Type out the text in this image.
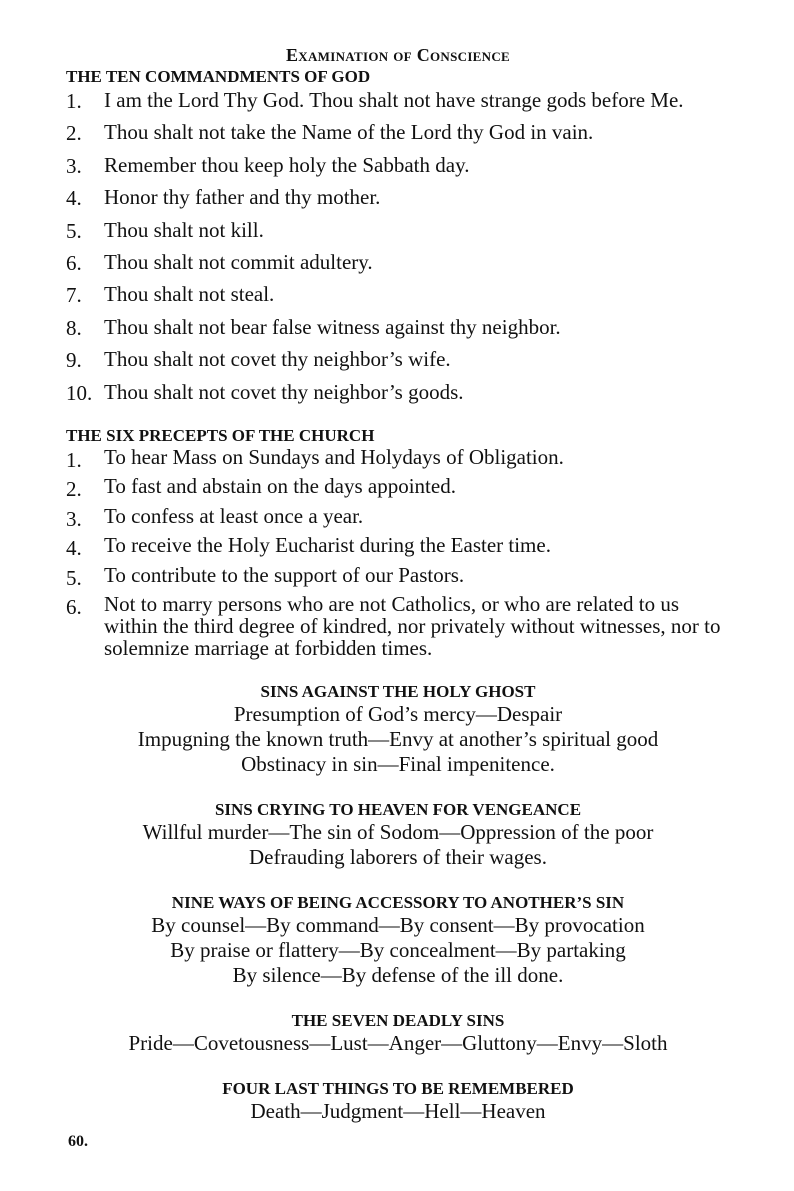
Examination of Conscience
THE TEN COMMANDMENTS OF GOD
1.	I am the Lord Thy God. Thou shalt not have strange gods before Me.
2.	Thou shalt not take the Name of the Lord thy God in vain.
3.	Remember thou keep holy the Sabbath day.
4.	Honor thy father and thy mother.
5.	Thou shalt not kill.
6.	Thou shalt not commit adultery.
7.	Thou shalt not steal.
8.	Thou shalt not bear false witness against thy neighbor.
9.	Thou shalt not covet thy neighbor’s wife.
10. Thou shalt not covet thy neighbor’s goods.
THE SIX PRECEPTS OF THE CHURCH
1.	To hear Mass on Sundays and Holydays of Obligation.
2.	To fast and abstain on the days appointed.
3.	To confess at least once a year.
4.	To receive the Holy Eucharist during the Easter time.
5.	To contribute to the support of our Pastors.
6.	Not to marry persons who are not Catholics, or who are related to us within the third degree of kindred, nor privately without witnesses, nor to solemnize marriage at forbidden times.
SINS AGAINST THE HOLY GHOST

Presumption of God’s mercy—Despair

Impugning the known truth—Envy at another’s spiritual good

Obstinacy in sin—Final impenitence.

SINS CRYING TO HEAVEN FOR VENGEANCE

Willful murder—The sin of Sodom—Oppression of the poor

Defrauding laborers of their wages.

NINE WAYS OF BEING ACCESSORY TO ANOTHER’S SIN

By counsel—By command—By consent—By provocation

By praise or flattery—By concealment—By partaking

By silence—By defense of the ill done.

THE SEVEN DEADLY SINS

Pride—Covetousness—Lust—Anger—Gluttony—Envy—Sloth

FOUR LAST THINGS TO BE REMEMBERED

Death—Judgment—Hell—Heaven

60.
